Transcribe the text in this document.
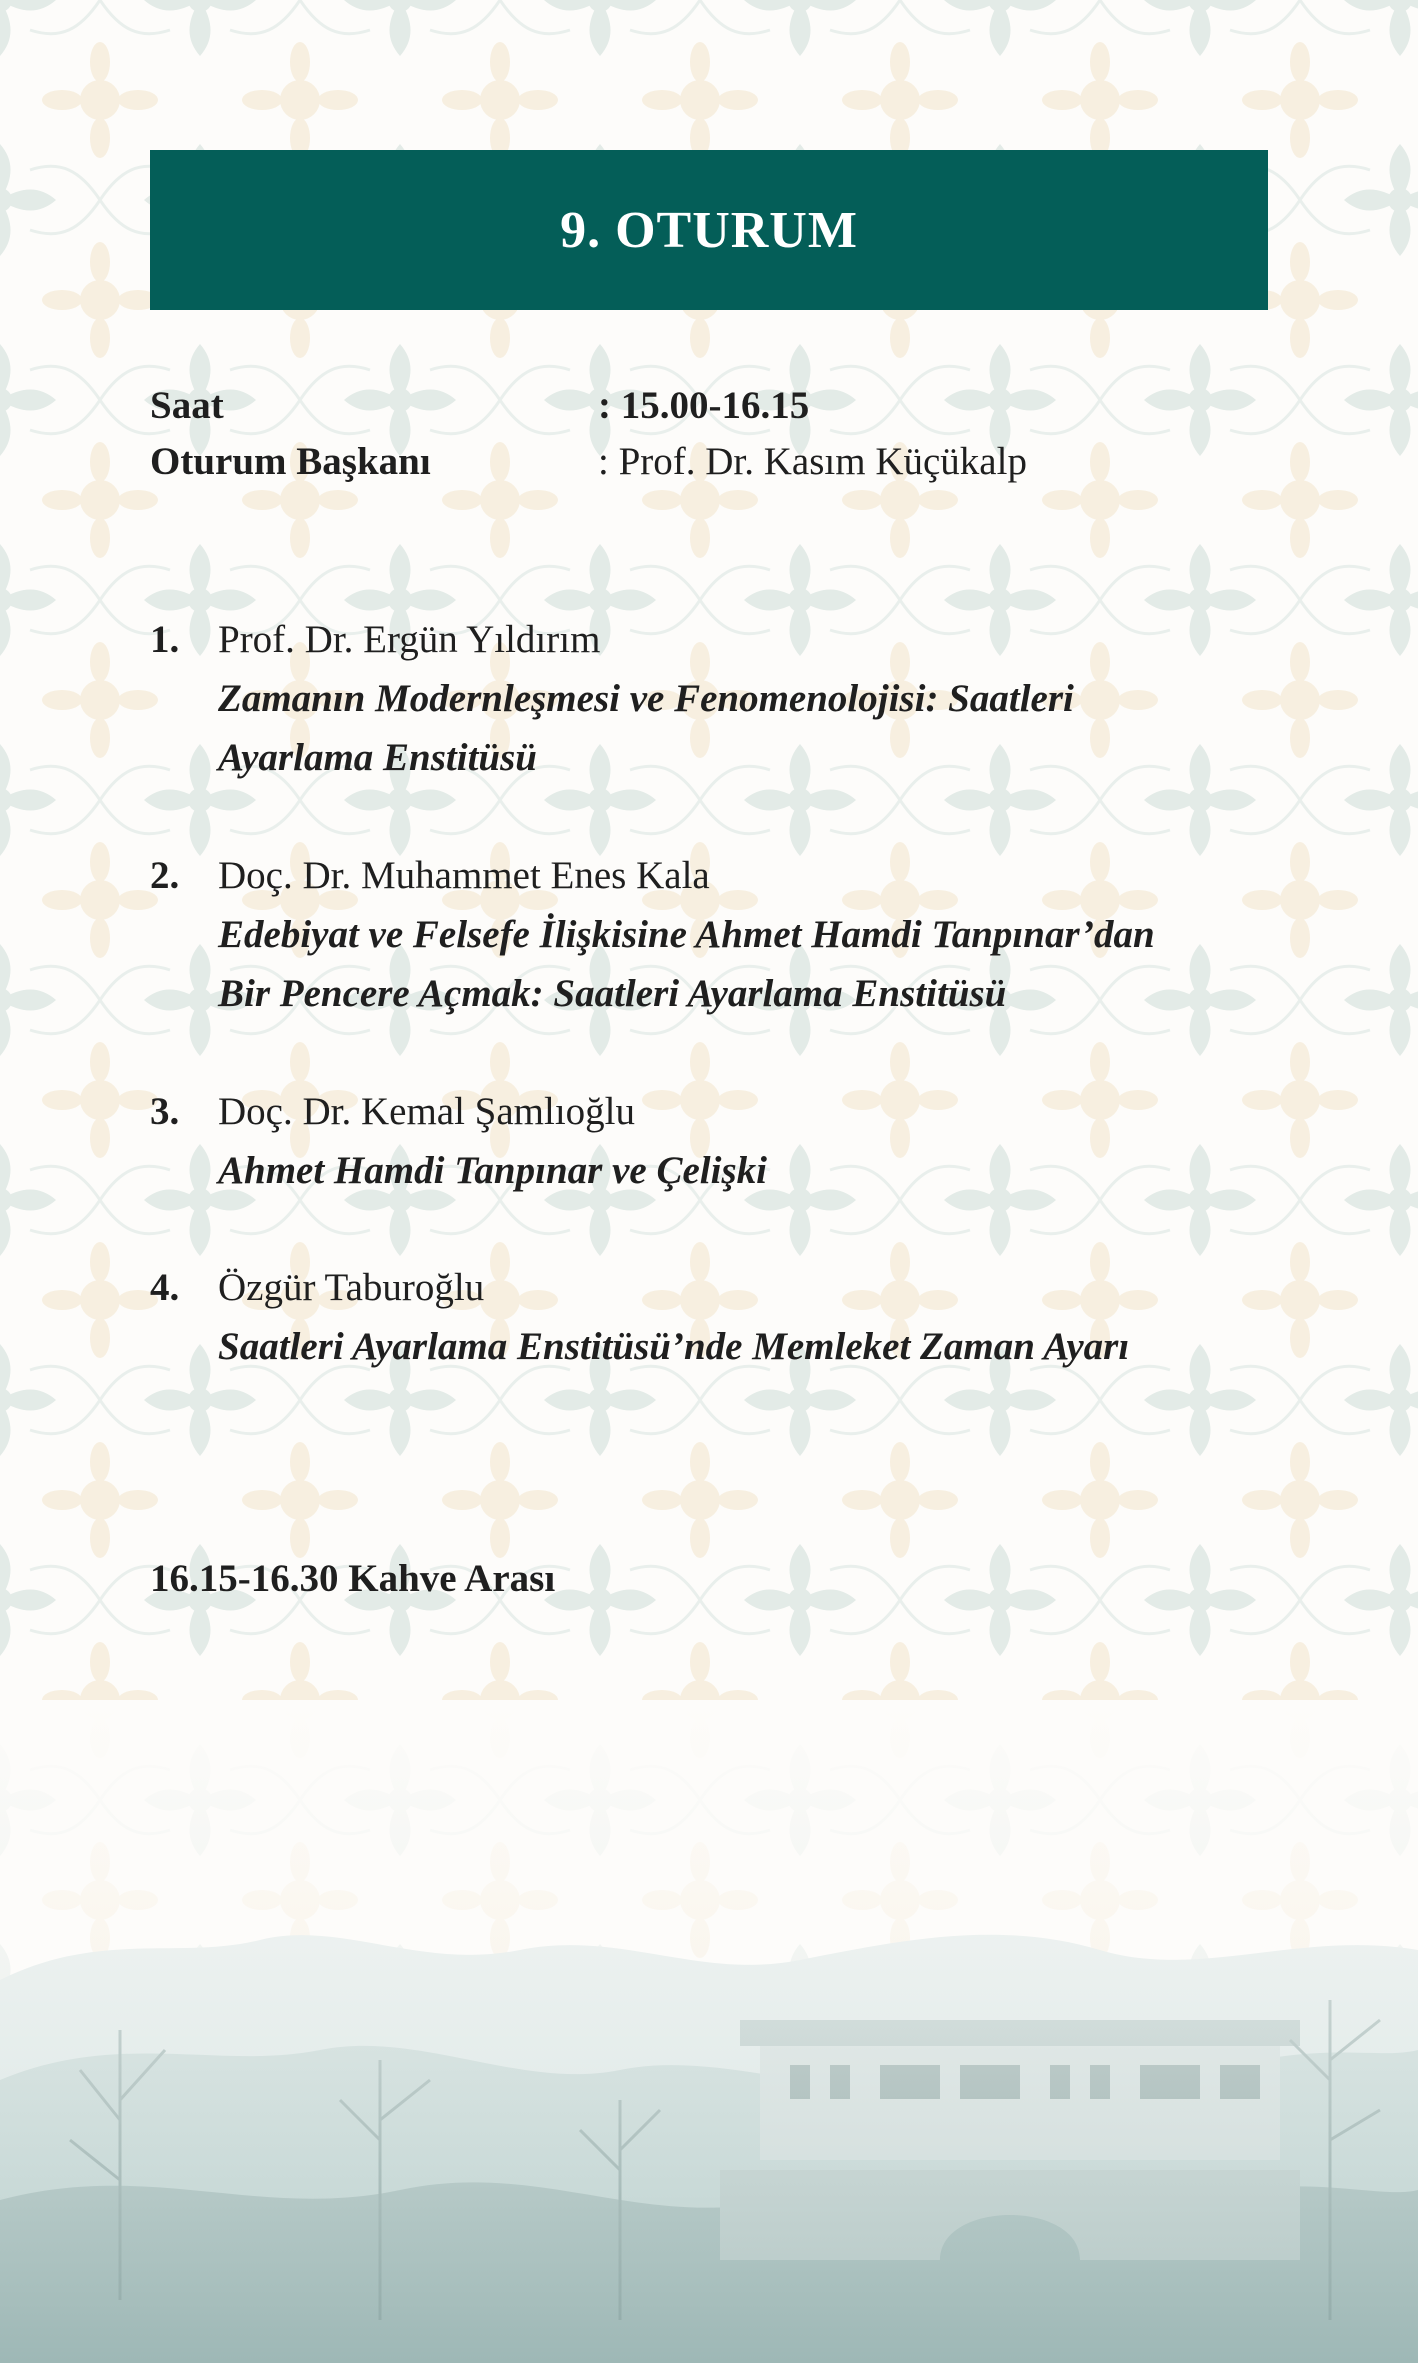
9. OTURUM
Saat	: 15.00-16.15
Oturum Başkanı	: Prof. Dr. Kasım Küçükalp
1. Prof. Dr. Ergün Yıldırım
Zamanın Modernleşmesi ve Fenomenolojisi: Saatleri
Ayarlama Enstitüsü
2. Doç. Dr. Muhammet Enes Kala
Edebiyat ve Felsefe İlişkisine Ahmet Hamdi Tanpınar’dan
Bir Pencere Açmak: Saatleri Ayarlama Enstitüsü
3. Doç. Dr. Kemal Şamlıoğlu
Ahmet Hamdi Tanpınar ve Çelişki
4. Özgür Taburoğlu
Saatleri Ayarlama Enstitüsü’nde Memleket Zaman Ayarı
16.15-16.30 Kahve Arası
